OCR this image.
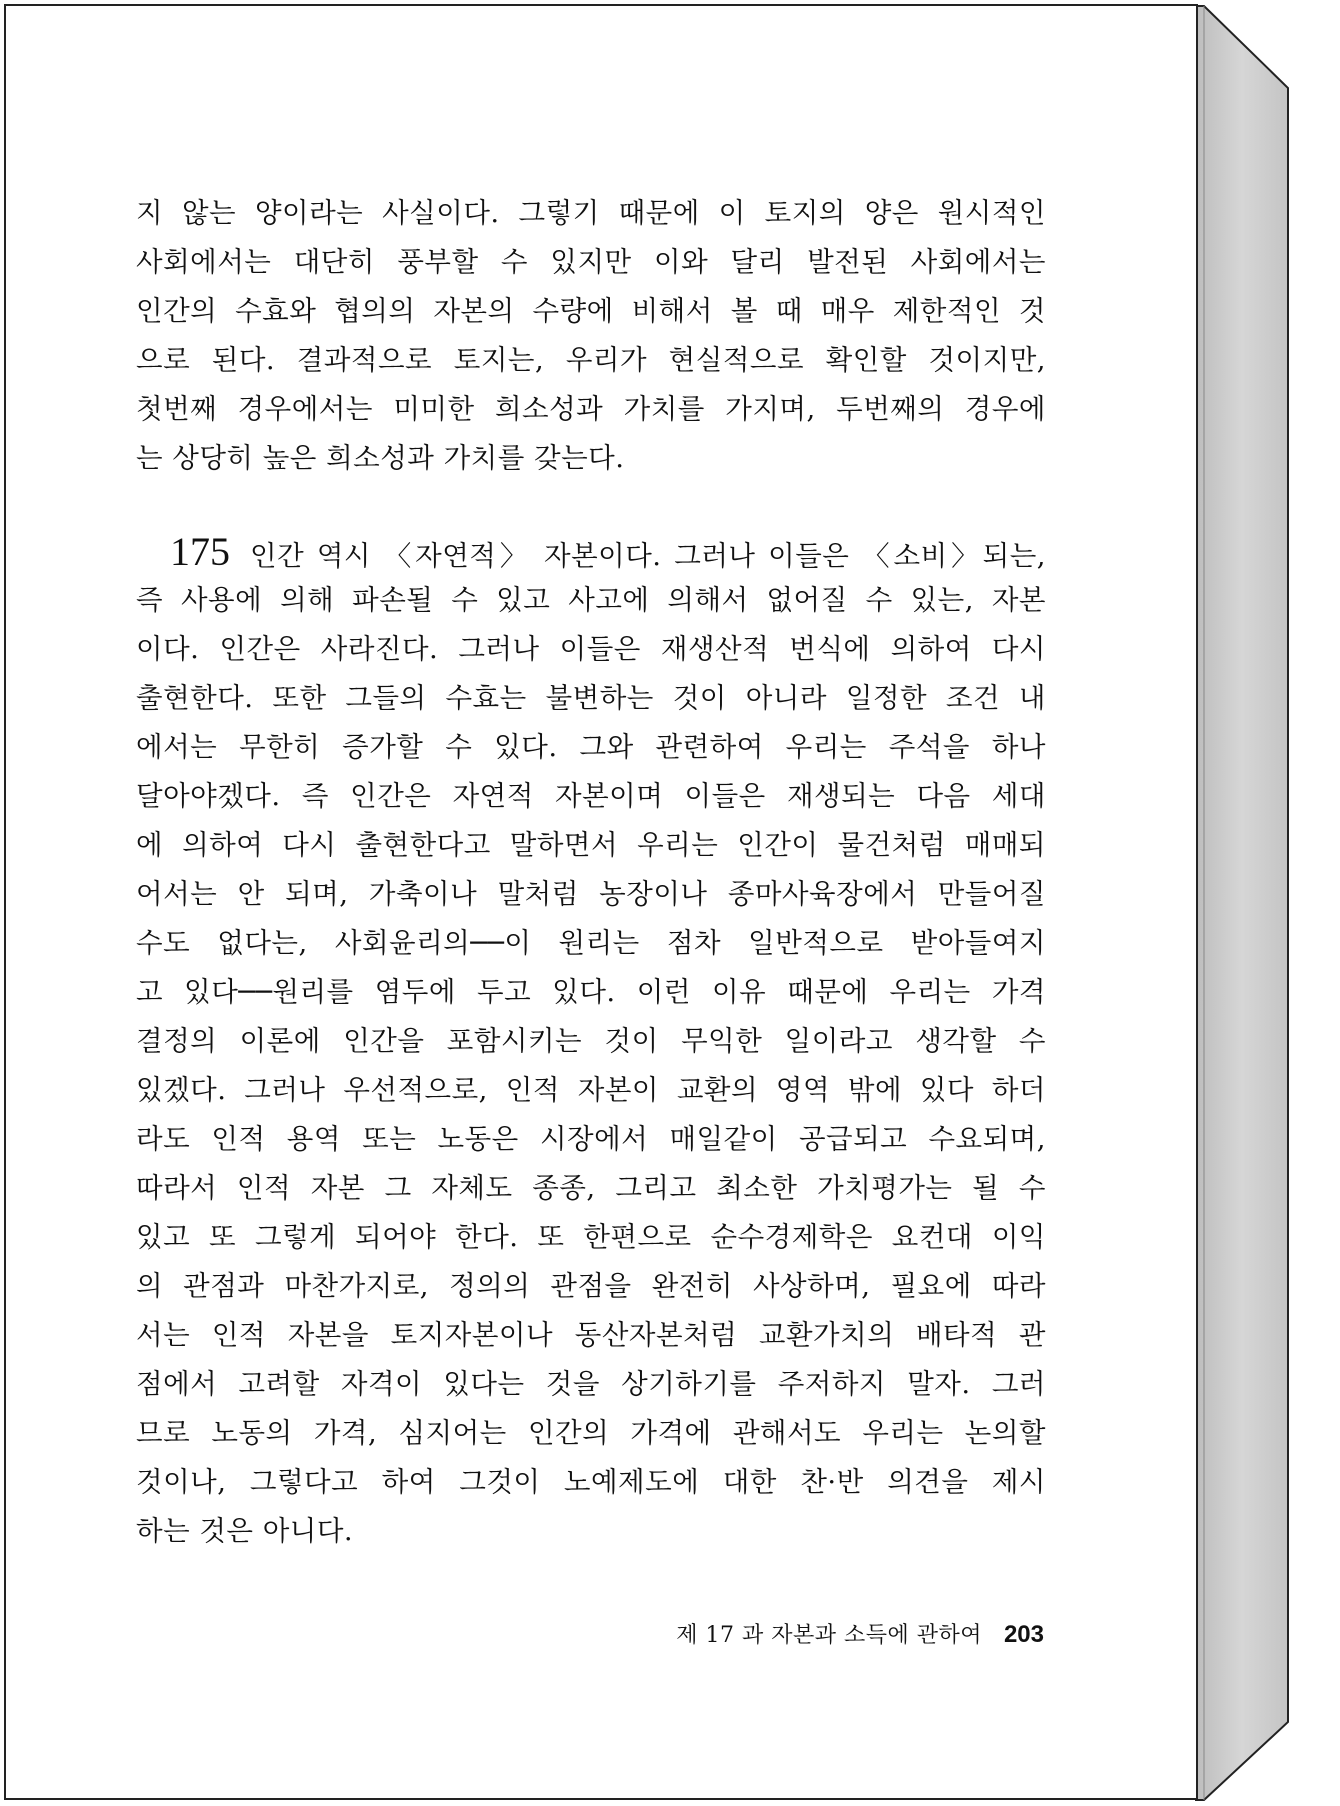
지 않는 양이라는 사실이다. 그렇기 때문에 이 토지의 양은 원시적인
사회에서는 대단히 풍부할 수 있지만 이와 달리 발전된 사회에서는
인간의 수효와 협의의 자본의 수량에 비해서 볼 때 매우 제한적인 것
으로 된다. 결과적으로 토지는, 우리가 현실적으로 확인할 것이지만,
첫번째 경우에서는 미미한 희소성과 가치를 가지며, 두번째의 경우에
는 상당히 높은 희소성과 가치를 갖는다.
175 인간 역시 〈자연적〉 자본이다. 그러나 이들은 〈소비〉되는,
즉 사용에 의해 파손될 수 있고 사고에 의해서 없어질 수 있는, 자본
이다. 인간은 사라진다. 그러나 이들은 재생산적 번식에 의하여 다시
출현한다. 또한 그들의 수효는 불변하는 것이 아니라 일정한 조건 내
에서는 무한히 증가할 수 있다. 그와 관련하여 우리는 주석을 하나
달아야겠다. 즉 인간은 자연적 자본이며 이들은 재생되는 다음 세대
에 의하여 다시 출현한다고 말하면서 우리는 인간이 물건처럼 매매되
어서는 안 되며, 가축이나 말처럼 농장이나 종마사육장에서 만들어질
수도 없다는, 사회윤리의──이 원리는 점차 일반적으로 받아들여지
고 있다──원리를 염두에 두고 있다. 이런 이유 때문에 우리는 가격
결정의 이론에 인간을 포함시키는 것이 무익한 일이라고 생각할 수
있겠다. 그러나 우선적으로, 인적 자본이 교환의 영역 밖에 있다 하더
라도 인적 용역 또는 노동은 시장에서 매일같이 공급되고 수요되며,
따라서 인적 자본 그 자체도 종종, 그리고 최소한 가치평가는 될 수
있고 또 그렇게 되어야 한다. 또 한편으로 순수경제학은 요컨대 이익
의 관점과 마찬가지로, 정의의 관점을 완전히 사상하며, 필요에 따라
서는 인적 자본을 토지자본이나 동산자본처럼 교환가치의 배타적 관
점에서 고려할 자격이 있다는 것을 상기하기를 주저하지 말자. 그러
므로 노동의 가격, 심지어는 인간의 가격에 관해서도 우리는 논의할
것이나, 그렇다고 하여 그것이 노예제도에 대한 찬·반 의견을 제시
하는 것은 아니다.
제 17 과 자본과 소득에 관하여 203
